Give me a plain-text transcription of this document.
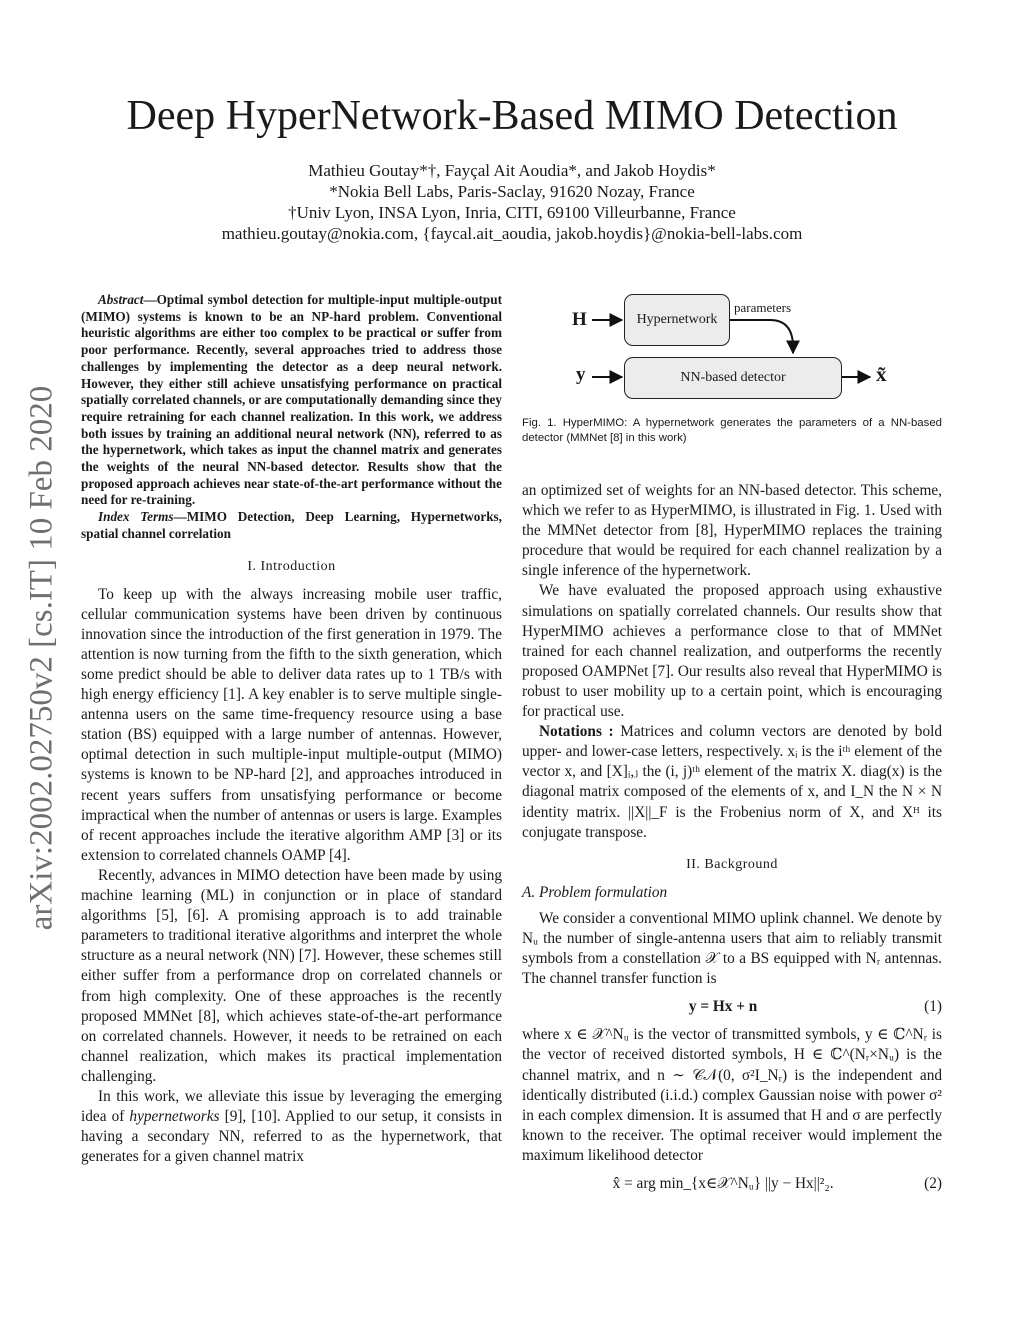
arXiv:2002.02750v2 [cs.IT] 10 Feb 2020
Deep HyperNetwork-Based MIMO Detection
Mathieu Goutay*†, Fayçal Ait Aoudia*, and Jakob Hoydis*
*Nokia Bell Labs, Paris-Saclay, 91620 Nozay, France
†Univ Lyon, INSA Lyon, Inria, CITI, 69100 Villeurbanne, France
mathieu.goutay@nokia.com, {faycal.ait_aoudia, jakob.hoydis}@nokia-bell-labs.com

Abstract—Optimal symbol detection for multiple-input multiple-output (MIMO) systems is known to be an NP-hard problem. Conventional heuristic algorithms are either too complex to be practical or suffer from poor performance. Recently, several approaches tried to address those challenges by implementing the detector as a deep neural network. However, they either still achieve unsatisfying performance on practical spatially correlated channels, or are computationally demanding since they require retraining for each channel realization. In this work, we address both issues by training an additional neural network (NN), referred to as the hypernetwork, which takes as input the channel matrix and generates the weights of the neural NN-based detector. Results show that the proposed approach achieves near state-of-the-art performance without the need for re-training.

Index Terms—MIMO Detection, Deep Learning, Hypernetworks, spatial channel correlation

I. Introduction

To keep up with the always increasing mobile user traffic, cellular communication systems have been driven by continuous innovation since the introduction of the first generation in 1979. The attention is now turning from the fifth to the sixth generation, which some predict should be able to deliver data rates up to 1 TB/s with high energy efficiency [1]. A key enabler is to serve multiple single-antenna users on the same time-frequency resource using a base station (BS) equipped with a large number of antennas. However, optimal detection in such multiple-input multiple-output (MIMO) systems is known to be NP-hard [2], and approaches introduced in recent years suffers from unsatisfying performance or become impractical when the number of antennas or users is large. Examples of recent approaches include the iterative algorithm AMP [3] or its extension to correlated channels OAMP [4].

Recently, advances in MIMO detection have been made by using machine learning (ML) in conjunction or in place of standard algorithms [5], [6]. A promising approach is to add trainable parameters to traditional iterative algorithms and interpret the whole structure as a neural network (NN) [7]. However, these schemes still either suffer from a performance drop on correlated channels or from high complexity. One of these approaches is the recently proposed MMNet [8], which achieves state-of-the-art performance on correlated channels. However, it needs to be retrained on each channel realization, which makes its practical implementation challenging.

In this work, we alleviate this issue by leveraging the emerging idea of hypernetworks [9], [10]. Applied to our setup, it consists in having a secondary NN, referred to as the hypernetwork, that generates for a given channel matrix

H
y
Hypernetwork
parameters
NN-based detector	x̃
Fig. 1. HyperMIMO: A hypernetwork generates the parameters of a NN-based detector (MMNet [8] in this work)

an optimized set of weights for an NN-based detector. This scheme, which we refer to as HyperMIMO, is illustrated in Fig. 1. Used with the MMNet detector from [8], HyperMIMO replaces the training procedure that would be required for each channel realization by a single inference of the hypernetwork.

We have evaluated the proposed approach using exhaustive simulations on spatially correlated channels. Our results show that HyperMIMO achieves a performance close to that of MMNet trained for each channel realization, and outperforms the recently proposed OAMPNet [7]. Our results also reveal that HyperMIMO is robust to user mobility up to a certain point, which is encouraging for practical use.

Notations : Matrices and column vectors are denoted by bold upper- and lower-case letters, respectively. xᵢ is the iᵗʰ element of the vector x, and [X]ᵢ,ⱼ the (i, j)ᵗʰ element of the matrix X. diag(x) is the diagonal matrix composed of the elements of x, and I_N the N × N identity matrix. ||X||_F is the Frobenius norm of X, and Xᴴ its conjugate transpose.

II. Background
A. Problem formulation

We consider a conventional MIMO uplink channel. We denote by Nᵤ the number of single-antenna users that aim to reliably transmit symbols from a constellation 𝒳 to a BS equipped with Nᵣ antennas. The channel transfer function is

y = Hx + n	(1)

where x ∈ 𝒳^Nᵤ is the vector of transmitted symbols, y ∈ ℂ^Nᵣ is the vector of received distorted symbols, H ∈ ℂ^(Nᵣ×Nᵤ) is the channel matrix, and n ∼ 𝒞𝒩(0, σ²I_Nᵣ) is the independent and identically distributed (i.i.d.) complex Gaussian noise with power σ² in each complex dimension. It is assumed that H and σ are perfectly known to the receiver. The optimal receiver would implement the maximum likelihood detector

x̂ = arg min_{x∈𝒳^Nᵤ} ||y − Hx||²₂.	(2)
